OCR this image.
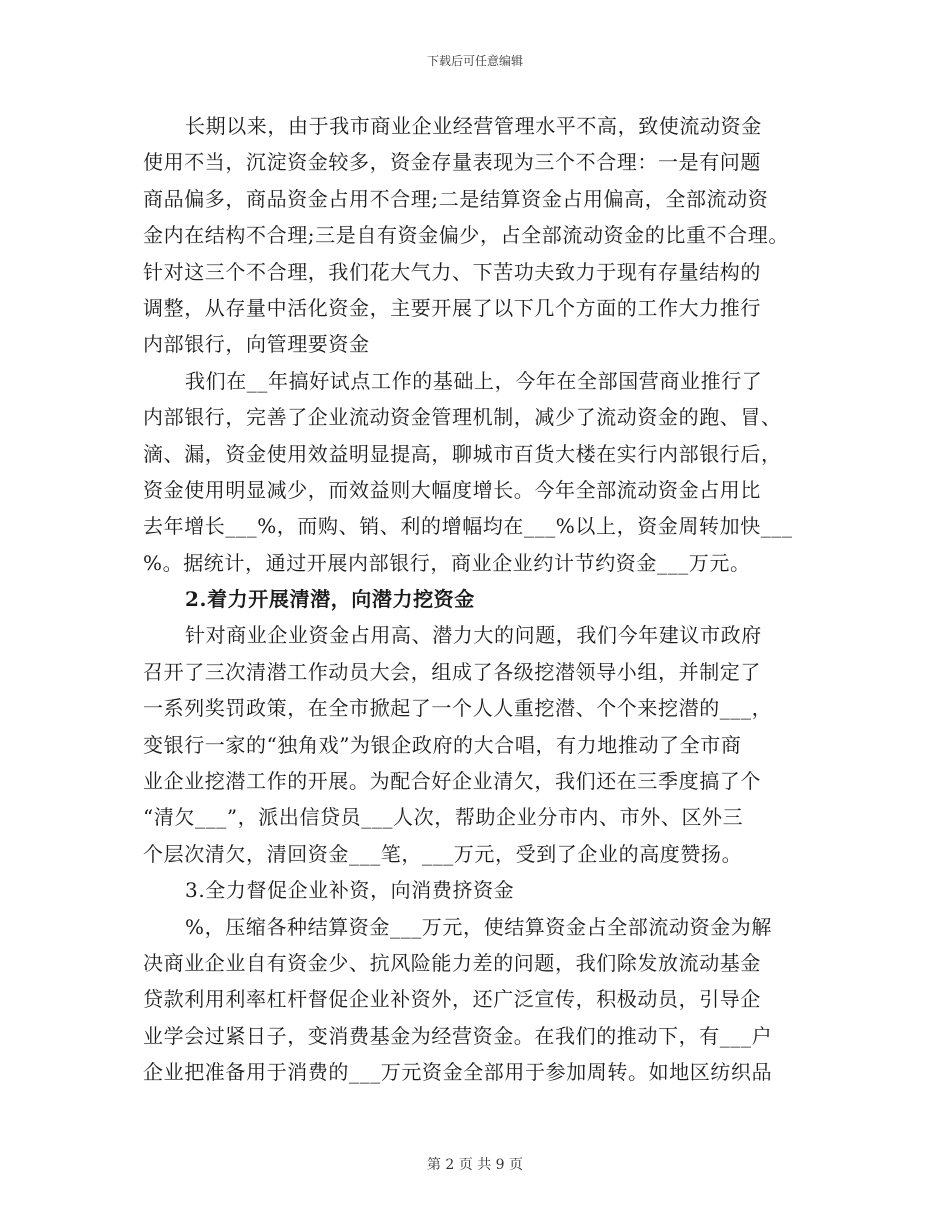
下载后可任意编辑
长期以来，由于我市商业企业经营管理水平不高，致使流动资金
使用不当，沉淀资金较多，资金存量表现为三个不合理：一是有问题
商品偏多，商品资金占用不合理;二是结算资金占用偏高，全部流动资
金内在结构不合理;三是自有资金偏少，占全部流动资金的比重不合理。
针对这三个不合理，我们花大气力、下苦功夫致力于现有存量结构的
调整，从存量中活化资金，主要开展了以下几个方面的工作大力推行
内部银行，向管理要资金
我们在__年搞好试点工作的基础上，今年在全部国营商业推行了
内部银行，完善了企业流动资金管理机制，减少了流动资金的跑、冒、
滴、漏，资金使用效益明显提高，聊城市百货大楼在实行内部银行后，
资金使用明显减少，而效益则大幅度增长。今年全部流动资金占用比
去年增长___%，而购、销、利的增幅均在___%以上，资金周转加快___
%。据统计，通过开展内部银行，商业企业约计节约资金___万元。
2.着力开展清潜，向潜力挖资金
针对商业企业资金占用高、潜力大的问题，我们今年建议市政府
召开了三次清潜工作动员大会，组成了各级挖潜领导小组，并制定了
一系列奖罚政策，在全市掀起了一个人人重挖潜、个个来挖潜的___，
变银行一家的“独角戏”为银企政府的大合唱，有力地推动了全市商
业企业挖潜工作的开展。为配合好企业清欠，我们还在三季度搞了个
“清欠___”，派出信贷员___人次，帮助企业分市内、市外、区外三
个层次清欠，清回资金___笔，___万元，受到了企业的高度赞扬。
3.全力督促企业补资，向消费挤资金
%，压缩各种结算资金___万元，使结算资金占全部流动资金为解
决商业企业自有资金少、抗风险能力差的问题，我们除发放流动基金
贷款利用利率杠杆督促企业补资外，还广泛宣传，积极动员，引导企
业学会过紧日子，变消费基金为经营资金。在我们的推动下，有___户
企业把准备用于消费的___万元资金全部用于参加周转。如地区纺织品
第 2 页 共 9 页
